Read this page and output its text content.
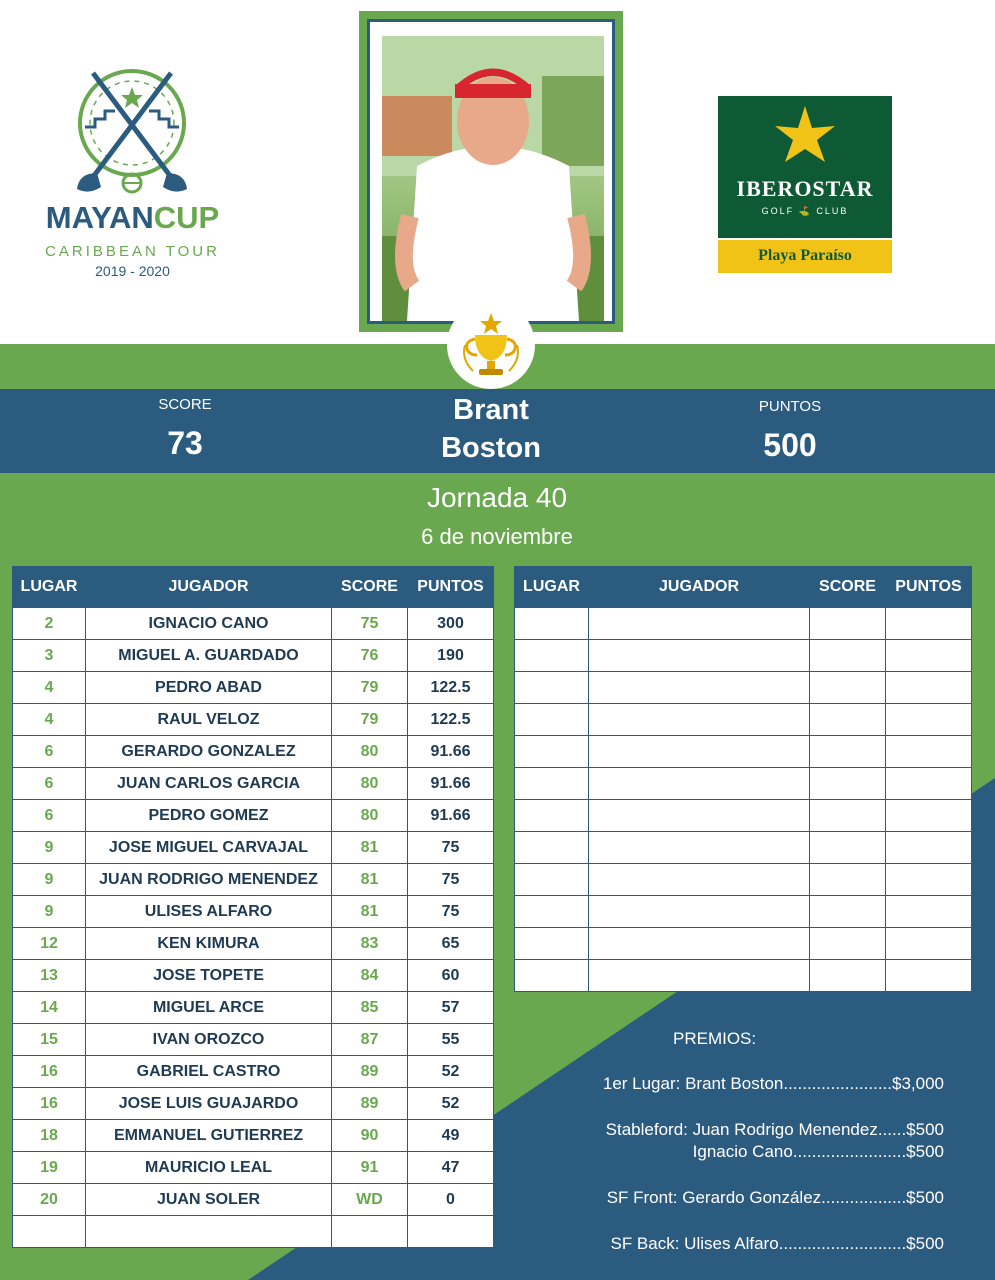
MAYANCUP
CARIBBEAN TOUR
2019 - 2020
IBEROSTAR
GOLF ⛳ CLUB
Playa Paraíso
SCORE
73
Brant
Boston
PUNTOS
500
Jornada 40
6 de noviembre
LUGAR	JUGADOR	SCORE	PUNTOS
2	IGNACIO CANO	75	300
3	MIGUEL A. GUARDADO	76	190
4	PEDRO ABAD	79	122.5
4	RAUL VELOZ	79	122.5
6	GERARDO GONZALEZ	80	91.66
6	JUAN CARLOS GARCIA	80	91.66
6	PEDRO GOMEZ	80	91.66
9	JOSE MIGUEL CARVAJAL	81	75
9	JUAN RODRIGO MENENDEZ	81	75
9	ULISES ALFARO	81	75
12	KEN KIMURA	83	65
13	JOSE TOPETE	84	60
14	MIGUEL ARCE	85	57
15	IVAN OROZCO	87	55
16	GABRIEL CASTRO	89	52
16	JOSE LUIS GUAJARDO	89	52
18	EMMANUEL GUTIERREZ	90	49
19	MAURICIO LEAL	91	47
20	JUAN SOLER	WD	0

LUGAR	JUGADOR	SCORE	PUNTOS

PREMIOS:
1er Lugar: Brant Boston.......................$3,000
Stableford: Juan Rodrigo Menendez......$500
Ignacio Cano........................$500
SF Front: Gerardo González..................$500
SF Back: Ulises Alfaro...........................$500
